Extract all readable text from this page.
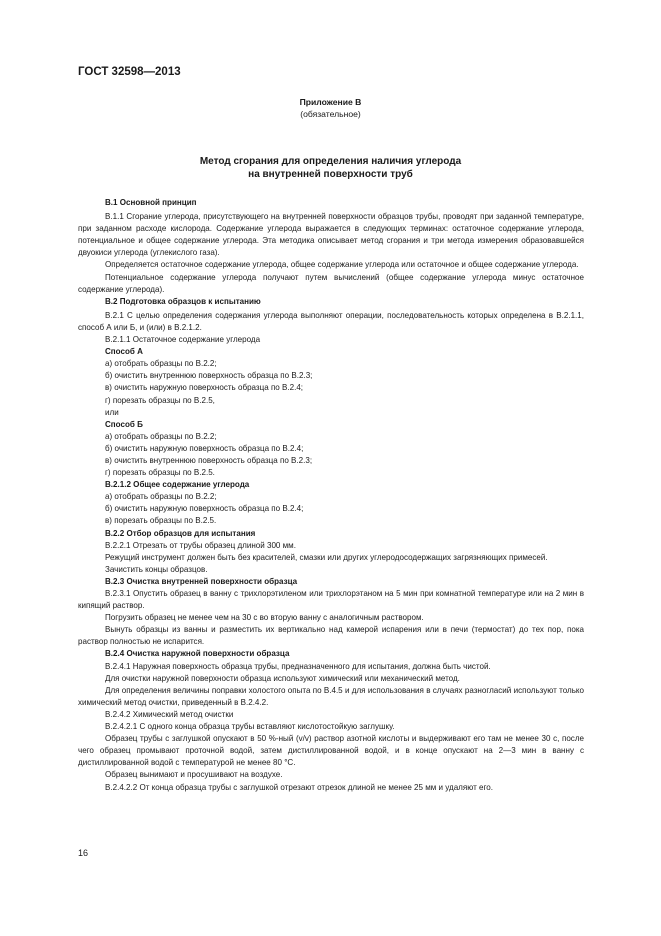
ГОСТ 32598—2013
Приложение В
(обязательное)
Метод сгорания для определения наличия углерода
на внутренней поверхности труб

В.1 Основной принцип

В.1.1 Сгорание углерода, присутствующего на внутренней поверхности образцов трубы, проводят при заданной температуре, при заданном расходе кислорода. Содержание углерода выражается в следующих терминах: остаточное содержание углерода, потенциальное и общее содержание углерода. Эта методика описывает метод сгорания и три метода измерения образовавшейся двуокиси углерода (углекислого газа).

Определяется остаточное содержание углерода, общее содержание углерода или остаточное и общее содержание углерода.

Потенциальное содержание углерода получают путем вычислений (общее содержание углерода минус остаточное содержание углерода).

В.2 Подготовка образцов к испытанию

В.2.1 С целью определения содержания углерода выполняют операции, последовательность которых определена в В.2.1.1, способ А или Б, и (или) в В.2.1.2.

В.2.1.1 Остаточное содержание углерода

Способ А

а) отобрать образцы по В.2.2;

б) очистить внутреннюю поверхность образца по В.2.3;

в) очистить наружную поверхность образца по В.2.4;

г) порезать образцы по В.2.5,

или

Способ Б

а) отобрать образцы по В.2.2;

б) очистить наружную поверхность образца по В.2.4;

в) очистить внутреннюю поверхность образца по В.2.3;

г) порезать образцы по В.2.5.

В.2.1.2 Общее содержание углерода

а) отобрать образцы по В.2.2;

б) очистить наружную поверхность образца по В.2.4;

в) порезать образцы по В.2.5.

В.2.2 Отбор образцов для испытания

В.2.2.1 Отрезать от трубы образец длиной 300 мм.

Режущий инструмент должен быть без красителей, смазки или других углеродосодержащих загрязняющих примесей.

Зачистить концы образцов.

В.2.3 Очистка внутренней поверхности образца

В.2.3.1 Опустить образец в ванну с трихлорэтиленом или трихлорэтаном на 5 мин при комнатной температуре или на 2 мин в кипящий раствор.

Погрузить образец не менее чем на 30 с во вторую ванну с аналогичным раствором.

Вынуть образцы из ванны и разместить их вертикально над камерой испарения или в печи (термостат) до тех пор, пока раствор полностью не испарится.

В.2.4 Очистка наружной поверхности образца

В.2.4.1 Наружная поверхность образца трубы, предназначенного для испытания, должна быть чистой.

Для очистки наружной поверхности образца используют химический или механический метод.

Для определения величины поправки холостого опыта по В.4.5 и для использования в случаях разногласий используют только химический метод очистки, приведенный в В.2.4.2.

В.2.4.2 Химический метод очистки

В.2.4.2.1 С одного конца образца трубы вставляют кислотостойкую заглушку.

Образец трубы с заглушкой опускают в 50 %-ный (v/v) раствор азотной кислоты и выдерживают его там не менее 30 с, после чего образец промывают проточной водой, затем дистиллированной водой, и в конце опускают на 2—3 мин в ванну с дистиллированной водой с температурой не менее 80 °С.

Образец вынимают и просушивают на воздухе.

В.2.4.2.2 От конца образца трубы с заглушкой отрезают отрезок длиной не менее 25 мм и удаляют его.

16
